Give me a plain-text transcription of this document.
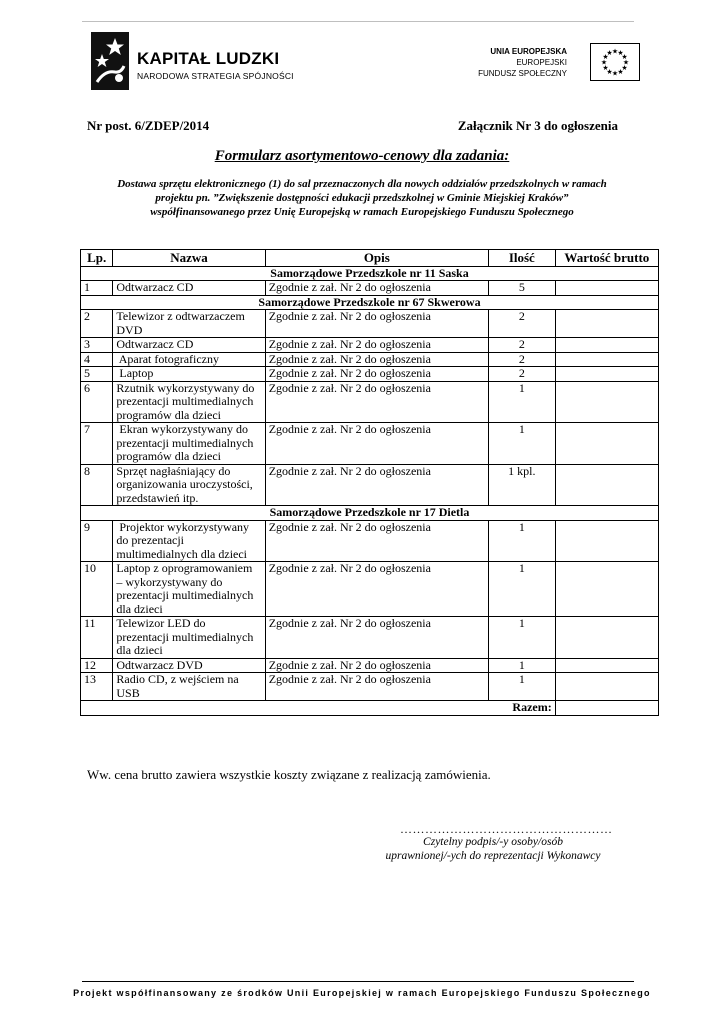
KAPITAŁ LUDZKI
NARODOWA STRATEGIA SPÓJNOŚCI
UNIA EUROPEJSKA
EUROPEJSKI
FUNDUSZ SPOŁECZNY
★
★
★
★
★
★
★
★
★ ★ ★
★
Nr post. 6/ZDEP/2014	Załącznik Nr 3 do ogłoszenia
Formularz asortymentowo-cenowy dla zadania:
Dostawa sprzętu elektronicznego (1) do sal przeznaczonych dla nowych oddziałów przedszkolnych w ramach
projektu pn. ”Zwiększenie dostępności edukacji przedszkolnej w Gminie Miejskiej Kraków”
współfinansowanego przez Unię Europejską w ramach Europejskiego Funduszu Społecznego
Lp.	Nazwa	Opis	Ilość	Wartość brutto
Samorządowe Przedszkole nr 11 Saska				
1	Odtwarzacz CD	Zgodnie z zał. Nr 2 do ogłoszenia	5	
Samorządowe Przedszkole nr 67 Skwerowa				
2	Telewizor z odtwarzaczem
DVD	Zgodnie z zał. Nr 2 do ogłoszenia	2	
3	Odtwarzacz CD	Zgodnie z zał. Nr 2 do ogłoszenia	2	
4	Aparat fotograficzny	Zgodnie z zał. Nr 2 do ogłoszenia	2	
5	Laptop	Zgodnie z zał. Nr 2 do ogłoszenia	2	
6	Rzutnik wykorzystywany do
prezentacji multimedialnych
programów dla dzieci	Zgodnie z zał. Nr 2 do ogłoszenia	1	
7	Ekran wykorzystywany do
prezentacji multimedialnych
programów dla dzieci	Zgodnie z zał. Nr 2 do ogłoszenia	1	
8	Sprzęt nagłaśniający do
organizowania uroczystości,
przedstawień itp.	Zgodnie z zał. Nr 2 do ogłoszenia	1 kpl.	
Samorządowe Przedszkole nr 17 Dietla				
9	Projektor wykorzystywany
do prezentacji
multimedialnych dla dzieci	Zgodnie z zał. Nr 2 do ogłoszenia	1	
10	Laptop z oprogramowaniem
– wykorzystywany do
prezentacji multimedialnych
dla dzieci	Zgodnie z zał. Nr 2 do ogłoszenia	1	
11	Telewizor LED do
prezentacji multimedialnych
dla dzieci	Zgodnie z zał. Nr 2 do ogłoszenia	1	
12	Odtwarzacz DVD	Zgodnie z zał. Nr 2 do ogłoszenia	1	
13	Radio CD, z wejściem na
USB	Zgodnie z zał. Nr 2 do ogłoszenia	1	
Razem:				
Ww. cena brutto zawiera wszystkie koszty związane z realizacją zamówienia.
……………………………………………
Czytelny podpis/-y osoby/osób
uprawnionej/-ych do reprezentacji Wykonawcy
Projekt współfinansowany ze środków Unii Europejskiej w ramach Europejskiego Funduszu Społecznego
